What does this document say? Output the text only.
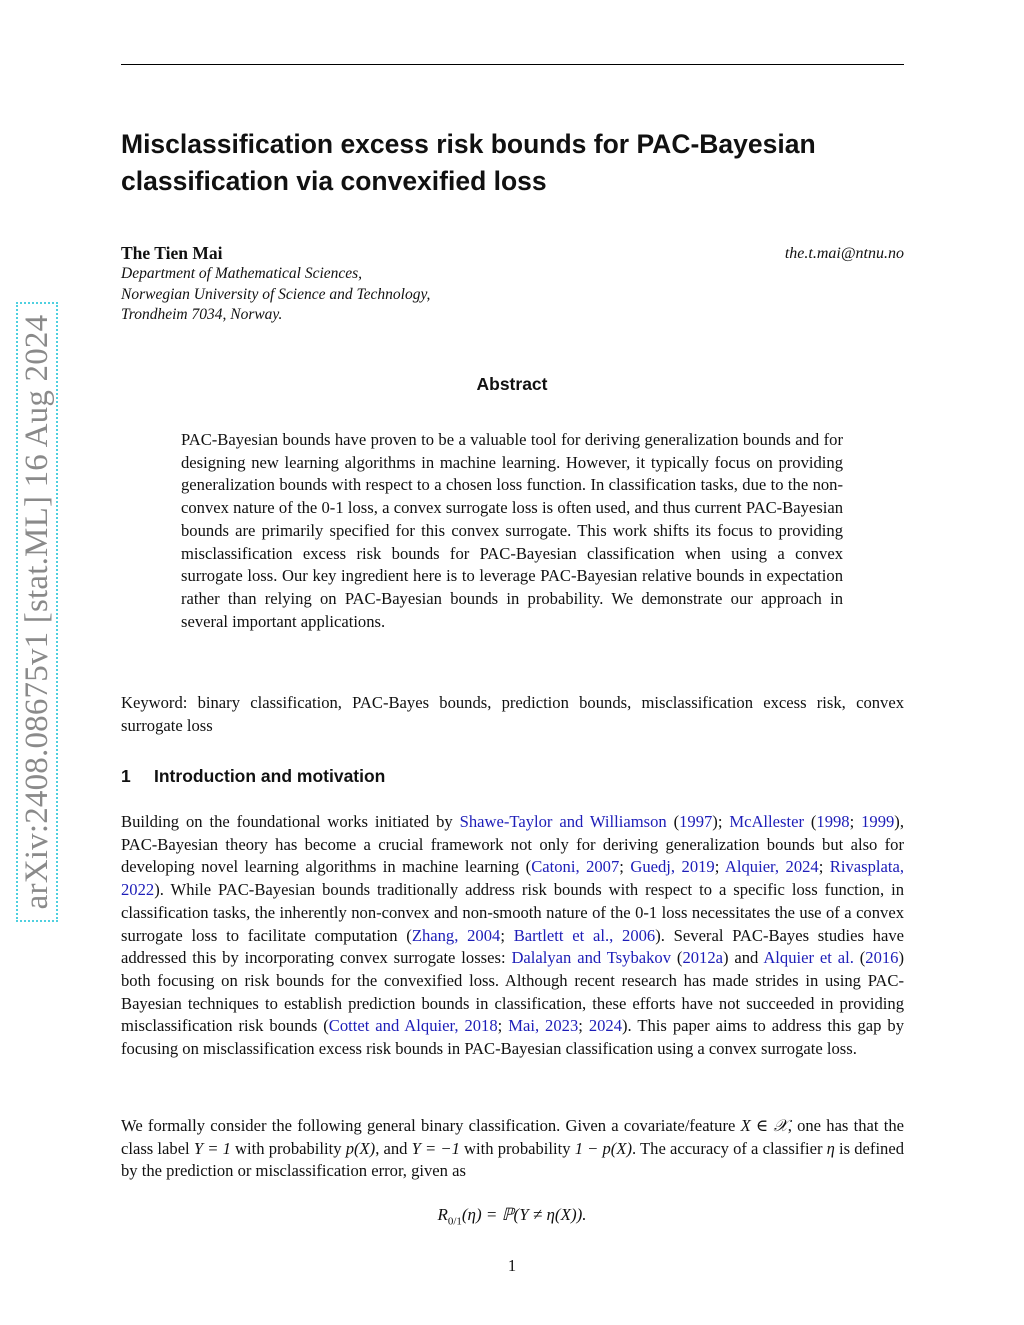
arXiv:2408.08675v1 [stat.ML] 16 Aug 2024
Misclassification excess risk bounds for PAC-Bayesian classification via convexified loss
The Tien Mai	the.t.mai@ntnu.no
Department of Mathematical Sciences,
Norwegian University of Science and Technology,
Trondheim 7034, Norway.
Abstract

PAC-Bayesian bounds have proven to be a valuable tool for deriving generalization bounds and for designing new learning algorithms in machine learning. However, it typically focus on providing generalization bounds with respect to a chosen loss function. In classification tasks, due to the non-convex nature of the 0-1 loss, a convex surrogate loss is often used, and thus current PAC-Bayesian bounds are primarily specified for this convex surrogate. This work shifts its focus to providing misclassification excess risk bounds for PAC-Bayesian classification when using a convex surrogate loss. Our key ingredient here is to leverage PAC-Bayesian relative bounds in expectation rather than relying on PAC-Bayesian bounds in probability. We demonstrate our approach in several important applications.

Keyword: binary classification, PAC-Bayes bounds, prediction bounds, misclassification excess risk, convex surrogate loss

1 Introduction and motivation

Building on the foundational works initiated by Shawe-Taylor and Williamson (1997); McAllester (1998; 1999), PAC-Bayesian theory has become a crucial framework not only for deriving generalization bounds but also for developing novel learning algorithms in machine learning (Catoni, 2007; Guedj, 2019; Alquier, 2024; Rivasplata, 2022). While PAC-Bayesian bounds traditionally address risk bounds with respect to a specific loss function, in classification tasks, the inherently non-convex and non-smooth nature of the 0-1 loss necessitates the use of a convex surrogate loss to facilitate computation (Zhang, 2004; Bartlett et al., 2006). Several PAC-Bayes studies have addressed this by incorporating convex surrogate losses: Dalalyan and Tsybakov (2012a) and Alquier et al. (2016) both focusing on risk bounds for the convexified loss. Although recent research has made strides in using PAC-Bayesian techniques to establish prediction bounds in classification, these efforts have not succeeded in providing misclassification risk bounds (Cottet and Alquier, 2018; Mai, 2023; 2024). This paper aims to address this gap by focusing on misclassification excess risk bounds in PAC-Bayesian classification using a convex surrogate loss.

We formally consider the following general binary classification. Given a covariate/feature X ∈ 𝒳, one has that the class label Y = 1 with probability p(X), and Y = −1 with probability 1 − p(X). The accuracy of a classifier η is defined by the prediction or misclassification error, given as

$R_{0/1}(\eta)$ = ℙ(Y ≠ η(X)).
1
